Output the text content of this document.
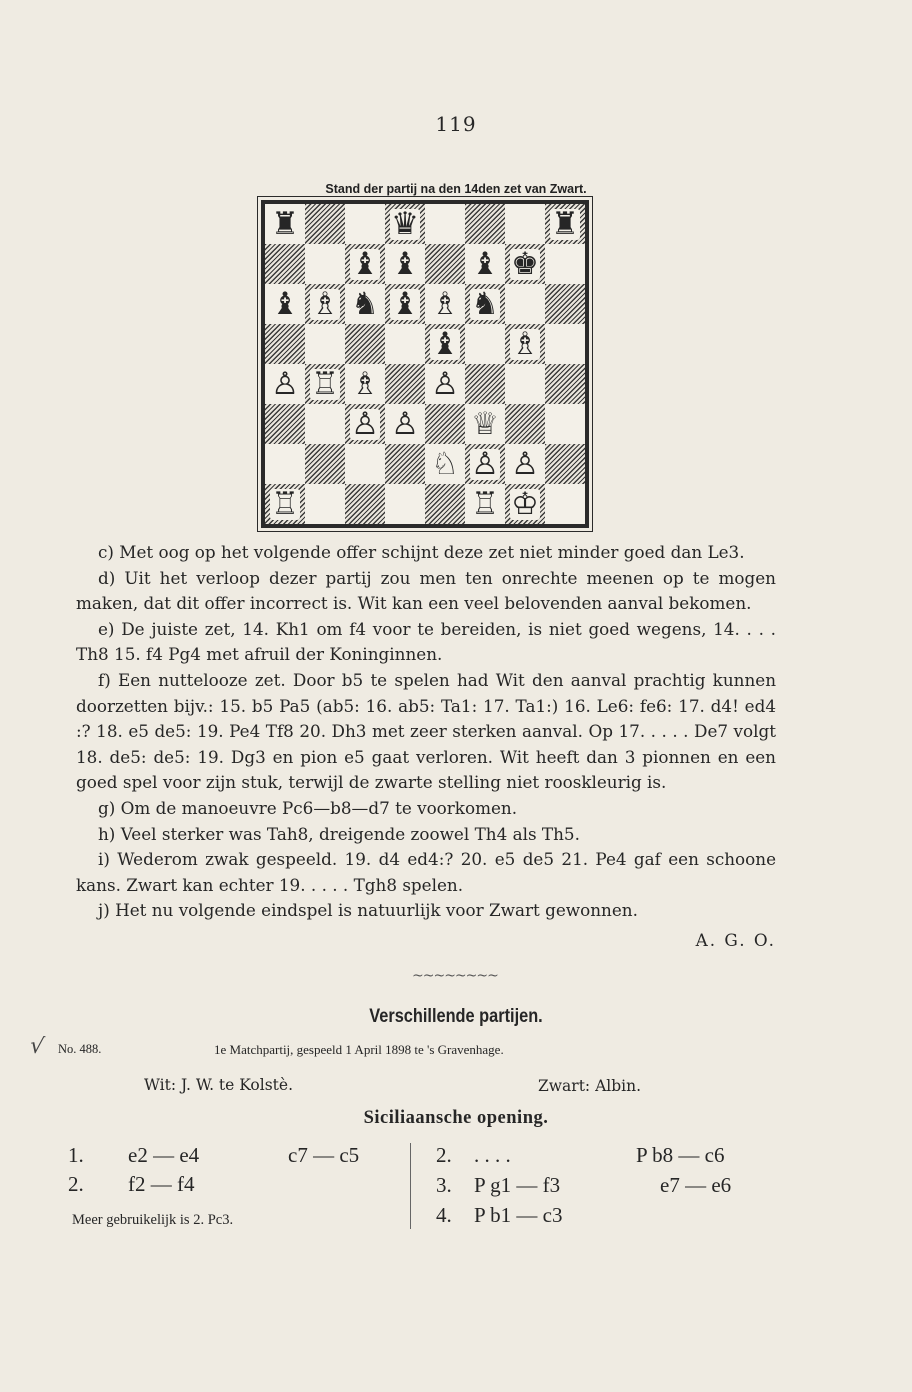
119
Stand der partij na den 14den zet van Zwart.
♜	♛	♜
♝ ♝ ♝ ♚
♝ ♗ ♞ ♝ ♗ ♞
♝ ♗
♙ ♖ ♗ ♙
♙ ♙ ♕
♘ ♙ ♙
♖	♖ ♔

c) Met oog op het volgende offer schijnt deze zet niet minder goed dan Le3.

d) Uit het verloop dezer partij zou men ten onrechte meenen op te mogen maken, dat dit offer incorrect is. Wit kan een veel belovenden aanval bekomen.

e) De juiste zet, 14. Kh1 om f4 voor te bereiden, is niet goed wegens, 14. . . . Th8 15. f4 Pg4 met afruil der Koninginnen.

f) Een nuttelooze zet. Door b5 te spelen had Wit den aanval prachtig kunnen doorzetten bijv.: 15. b5 Pa5 (ab5: 16. ab5: Ta1: 17. Ta1:) 16. Le6: fe6: 17. d4! ed4 :? 18. e5 de5: 19. Pe4 Tf8 20. Dh3 met zeer sterken aanval. Op 17. . . . . De7 volgt 18. de5: de5: 19. Dg3 en pion e5 gaat verloren. Wit heeft dan 3 pionnen en een goed spel voor zijn stuk, terwijl de zwarte stelling niet rooskleurig is.

g) Om de manoeuvre Pc6—b8—d7 te voorkomen.

h) Veel sterker was Tah8, dreigende zoowel Th4 als Th5.

i) Wederom zwak gespeeld. 19. d4 ed4:? 20. e5 de5 21. Pe4 gaf een schoone kans. Zwart kan echter 19. . . . . Tgh8 spelen.

j) Het nu volgende eindspel is natuurlijk voor Zwart gewonnen.

A. G. O.
~~~~~~~~
Verschillende partijen.
√ No. 488.	1e Matchpartij, gespeeld 1 April 1898 te 's Gravenhage.
Wit: J. W. te Kolstè.	Zwart: Albin.
Siciliaansche opening.
1. e2 — e4	c7 — c5
2. f2 — f4
Meer gebruikelijk is 2. Pc3.
2. . . . .	P b8 — c6
3. P g1 — f3	e7 — e6
4. P b1 — c3
